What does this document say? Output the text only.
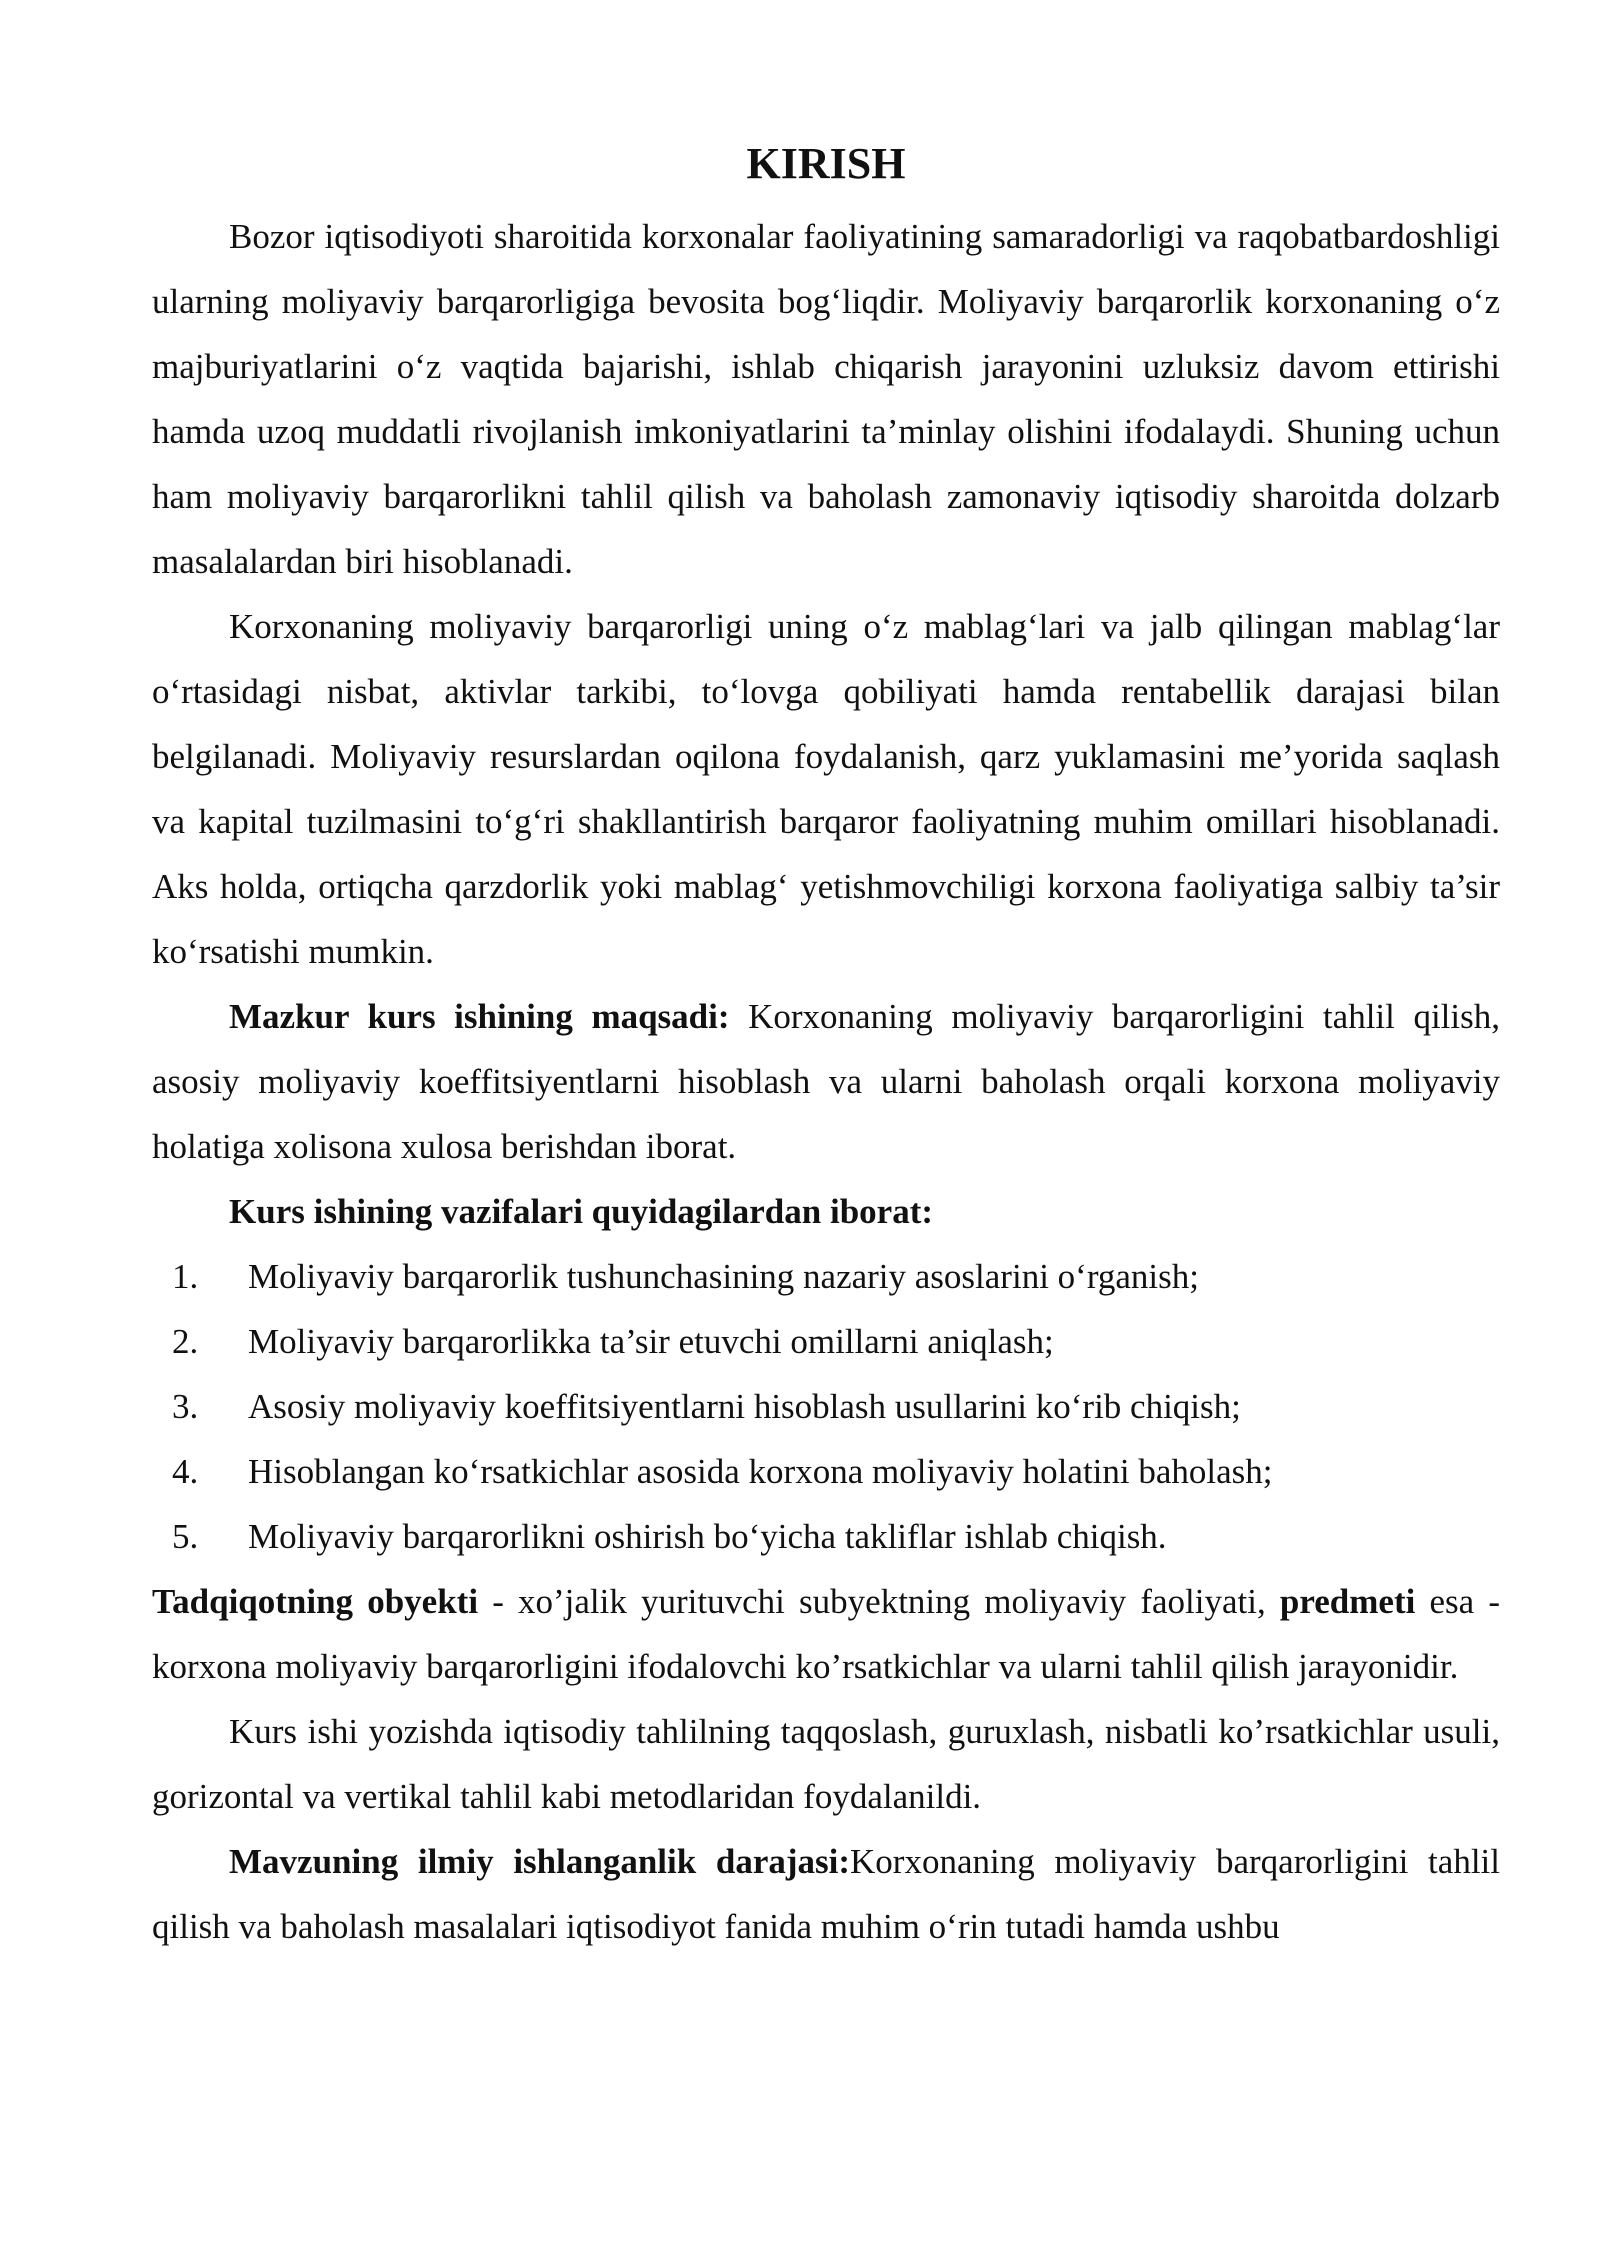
KIRISH

Bozor iqtisodiyoti sharoitida korxonalar faoliyatining samaradorligi va raqobatbardoshligi ularning moliyaviy barqarorligiga bevosita bog‘liqdir. Moliyaviy barqarorlik korxonaning o‘z majburiyatlarini o‘z vaqtida bajarishi, ishlab chiqarish jarayonini uzluksiz davom ettirishi hamda uzoq muddatli rivojlanish imkoniyatlarini ta’minlay olishini ifodalaydi. Shuning uchun ham moliyaviy barqarorlikni tahlil qilish va baholash zamonaviy iqtisodiy sharoitda dolzarb masalalardan biri hisoblanadi.

Korxonaning moliyaviy barqarorligi uning o‘z mablag‘lari va jalb qilingan mablag‘lar o‘rtasidagi nisbat, aktivlar tarkibi, to‘lovga qobiliyati hamda rentabellik darajasi bilan belgilanadi. Moliyaviy resurslardan oqilona foydalanish, qarz yuklamasini me’yorida saqlash va kapital tuzilmasini to‘g‘ri shakllantirish barqaror faoliyatning muhim omillari hisoblanadi. Aks holda, ortiqcha qarzdorlik yoki mablag‘ yetishmovchiligi korxona faoliyatiga salbiy ta’sir ko‘rsatishi mumkin.

Mazkur kurs ishining maqsadi: Korxonaning moliyaviy barqarorligini tahlil qilish, asosiy moliyaviy koeffitsiyentlarni hisoblash va ularni baholash orqali korxona moliyaviy holatiga xolisona xulosa berishdan iborat.

Kurs ishining vazifalari quyidagilardan iborat:

1. Moliyaviy barqarorlik tushunchasining nazariy asoslarini o‘rganish;
2. Moliyaviy barqarorlikka ta’sir etuvchi omillarni aniqlash;
3. Asosiy moliyaviy koeffitsiyentlarni hisoblash usullarini ko‘rib chiqish;
4. Hisoblangan ko‘rsatkichlar asosida korxona moliyaviy holatini baholash;
5. Moliyaviy barqarorlikni oshirish bo‘yicha takliflar ishlab chiqish.

Tadqiqotning obyekti - xo’jalik yurituvchi subyektning moliyaviy faoliyati, predmeti esa - korxona moliyaviy barqarorligini ifodalovchi ko’rsatkichlar va ularni tahlil qilish jarayonidir.

Kurs ishi yozishda iqtisodiy tahlilning taqqoslash, guruxlash, nisbatli ko’rsatkichlar usuli, gorizontal va vertikal tahlil kabi metodlaridan foydalanildi.

Mavzuning ilmiy ishlanganlik darajasi:Korxonaning moliyaviy barqarorligini tahlil qilish va baholash masalalari iqtisodiyot fanida muhim o‘rin tutadi hamda ushbu
